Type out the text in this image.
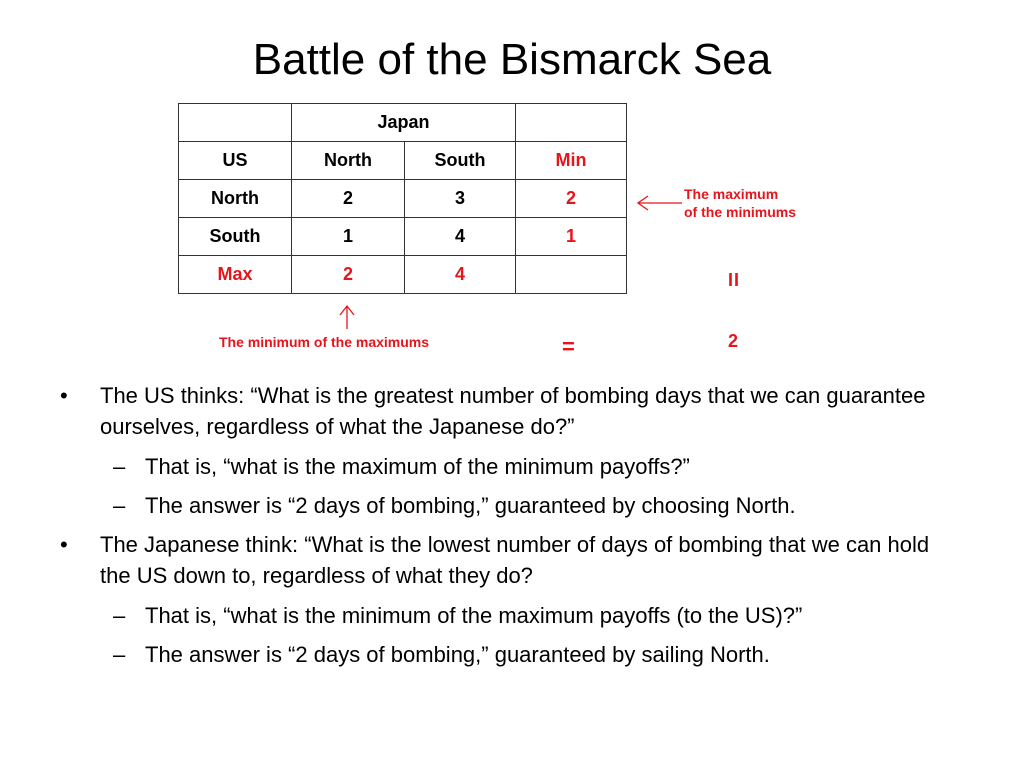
Battle of the Bismarck Sea
	Japan		
US	North	South	Min
North	2	3	2
South	1	4	1
Max	2	4	
The maximum
of the minimums
The minimum of the maximums
II
=	2
• The US thinks: “What is the greatest number of bombing days that we can guarantee ourselves, regardless of what the Japanese do?”
– That is, “what is the maximum of the minimum payoffs?”
– The answer is “2 days of bombing,” guaranteed by choosing North.
• The Japanese think: “What is the lowest number of days of bombing that we can hold the US down to, regardless of what they do?
– That is, “what is the minimum of the maximum payoffs (to the US)?”
– The answer is “2 days of bombing,” guaranteed by sailing North.
